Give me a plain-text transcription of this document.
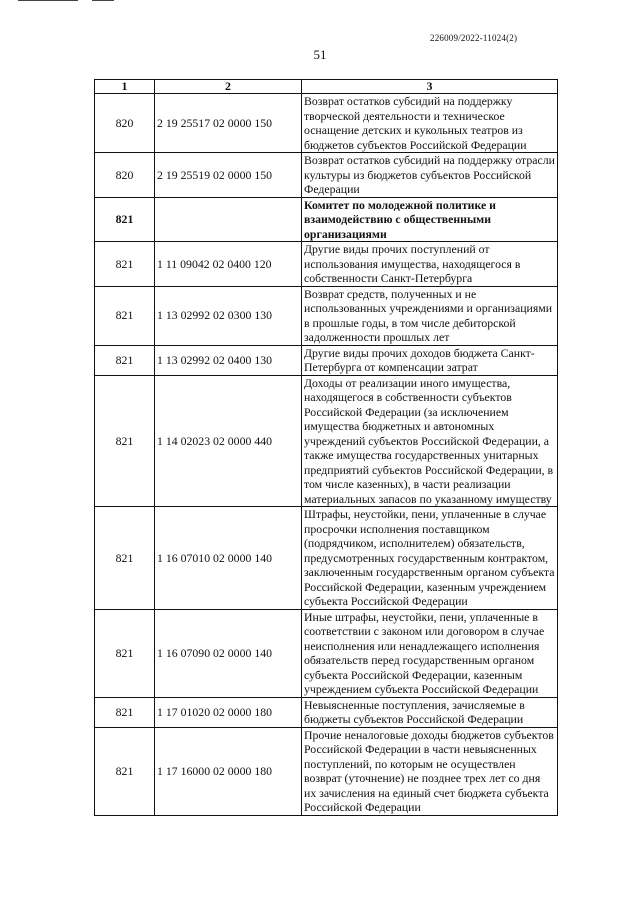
226009/2022-11024(2)
51
1	2	3
820	2 19 25517 02 0000 150	Возврат остатков субсидий на поддержку творческой деятельности и техническое оснащение детских и кукольных театров из бюджетов субъектов Российской Федерации
820	2 19 25519 02 0000 150	Возврат остатков субсидий на поддержку отрасли культуры из бюджетов субъектов Российской Федерации
821		Комитет по молодежной политике и взаимодействию с общественными организациями
821	1 11 09042 02 0400 120	Другие виды прочих поступлений от использования имущества, находящегося в собственности Санкт-Петербурга
821	1 13 02992 02 0300 130	Возврат средств, полученных и не использованных учреждениями и организациями в прошлые годы, в том числе дебиторской задолженности прошлых лет
821	1 13 02992 02 0400 130	Другие виды прочих доходов бюджета Санкт-Петербурга от компенсации затрат
821	1 14 02023 02 0000 440	Доходы от реализации иного имущества, находящегося в собственности субъектов Российской Федерации (за исключением имущества бюджетных и автономных учреждений субъектов Российской Федерации, а также имущества государственных унитарных предприятий субъектов Российской Федерации, в том числе казенных), в части реализации материальных запасов по указанному имуществу
821	1 16 07010 02 0000 140	Штрафы, неустойки, пени, уплаченные в случае просрочки исполнения поставщиком (подрядчиком, исполнителем) обязательств, предусмотренных государственным контрактом, заключенным государственным органом субъекта Российской Федерации, казенным учреждением субъекта Российской Федерации
821	1 16 07090 02 0000 140	Иные штрафы, неустойки, пени, уплаченные в соответствии с законом или договором в случае неисполнения или ненадлежащего исполнения обязательств перед государственным органом субъекта Российской Федерации, казенным учреждением субъекта Российской Федерации
821	1 17 01020 02 0000 180	Невыясненные поступления, зачисляемые в бюджеты субъектов Российской Федерации
821	1 17 16000 02 0000 180	Прочие неналоговые доходы бюджетов субъектов Российской Федерации в части невыясненных поступлений, по которым не осуществлен возврат (уточнение) не позднее трех лет со дня их зачисления на единый счет бюджета субъекта Российской Федерации
